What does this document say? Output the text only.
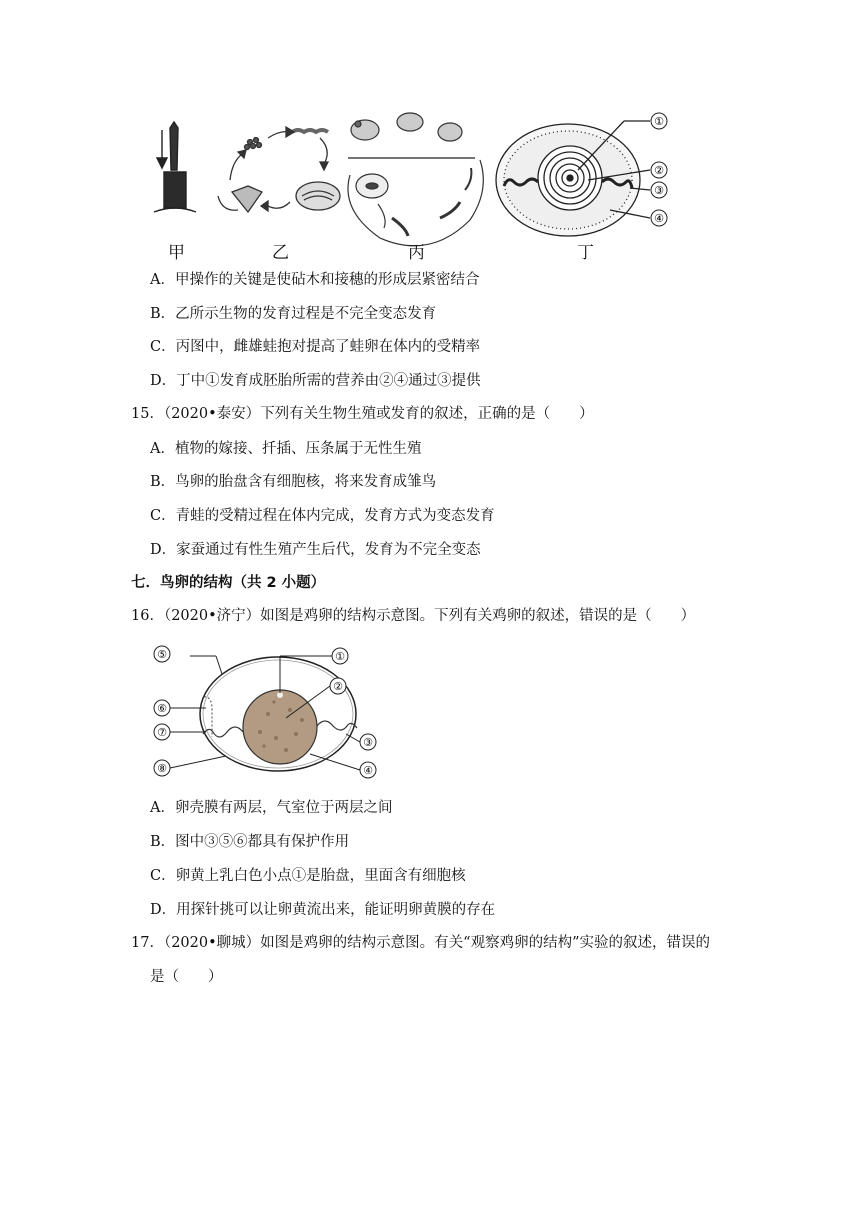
①
②
③
④
甲	乙	丙	丁
A．甲操作的关键是使砧木和接穗的形成层紧密结合
B．乙所示生物的发育过程是不完全变态发育
C．丙图中，雌雄蛙抱对提高了蛙卵在体内的受精率
D．丁中①发育成胚胎所需的营养由②④通过③提供
15．（2020•泰安）下列有关生物生殖或发育的叙述，正确的是（　　）
A．植物的嫁接、扦插、压条属于无性生殖
B．鸟卵的胎盘含有细胞核，将来发育成雏鸟
C．青蛙的受精过程在体内完成，发育方式为变态发育
D．家蚕通过有性生殖产生后代，发育为不完全变态
七．鸟卵的结构（共 2 小题）
16．（2020•济宁）如图是鸡卵的结构示意图。下列有关鸡卵的叙述，错误的是（　　）
①
②
③
④
⑤
⑥
⑦
⑧
A．卵壳膜有两层，气室位于两层之间
B．图中③⑤⑥都具有保护作用
C．卵黄上乳白色小点①是胎盘，里面含有细胞核
D．用探针挑可以让卵黄流出来，能证明卵黄膜的存在
17．（2020•聊城）如图是鸡卵的结构示意图。有关“观察鸡卵的结构”实验的叙述，错误的
是（　　）
